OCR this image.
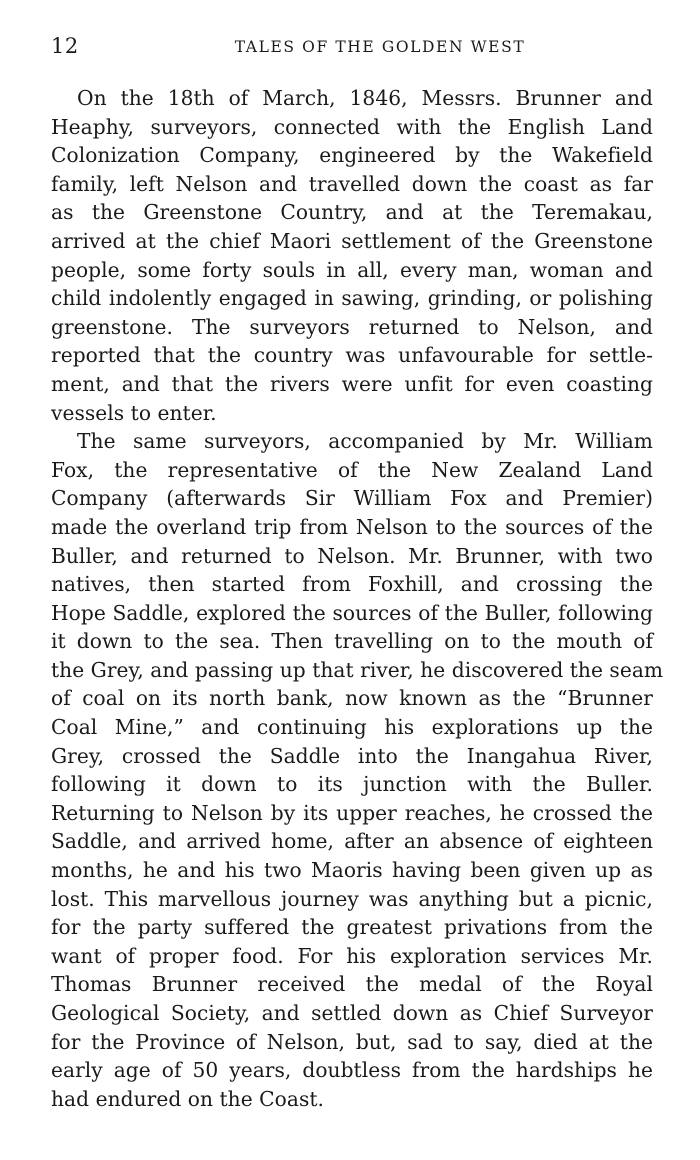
12	TALES OF THE GOLDEN WEST
On the 18th of March, 1846, Messrs. Brunner and
Heaphy, surveyors, connected with the English Land
Colonization Company, engineered by the Wakefield
family, left Nelson and travelled down the coast as far
as the Greenstone Country, and at the Teremakau,
arrived at the chief Maori settlement of the Greenstone
people, some forty souls in all, every man, woman and
child indolently engaged in sawing, grinding, or polishing
greenstone. The surveyors returned to Nelson, and
reported that the country was unfavourable for settle-
ment, and that the rivers were unfit for even coasting
vessels to enter.
The same surveyors, accompanied by Mr. William
Fox, the representative of the New Zealand Land
Company (afterwards Sir William Fox and Premier)
made the overland trip from Nelson to the sources of the
Buller, and returned to Nelson. Mr. Brunner, with two
natives, then started from Foxhill, and crossing the
Hope Saddle, explored the sources of the Buller, following
it down to the sea. Then travelling on to the mouth of
the Grey, and passing up that river, he discovered the seam
of coal on its north bank, now known as the “Brunner
Coal Mine,” and continuing his explorations up the
Grey, crossed the Saddle into the Inangahua River,
following it down to its junction with the Buller.
Returning to Nelson by its upper reaches, he crossed the
Saddle, and arrived home, after an absence of eighteen
months, he and his two Maoris having been given up as
lost. This marvellous journey was anything but a picnic,
for the party suffered the greatest privations from the
want of proper food. For his exploration services Mr.
Thomas Brunner received the medal of the Royal
Geological Society, and settled down as Chief Surveyor
for the Province of Nelson, but, sad to say, died at the
early age of 50 years, doubtless from the hardships he
had endured on the Coast.
